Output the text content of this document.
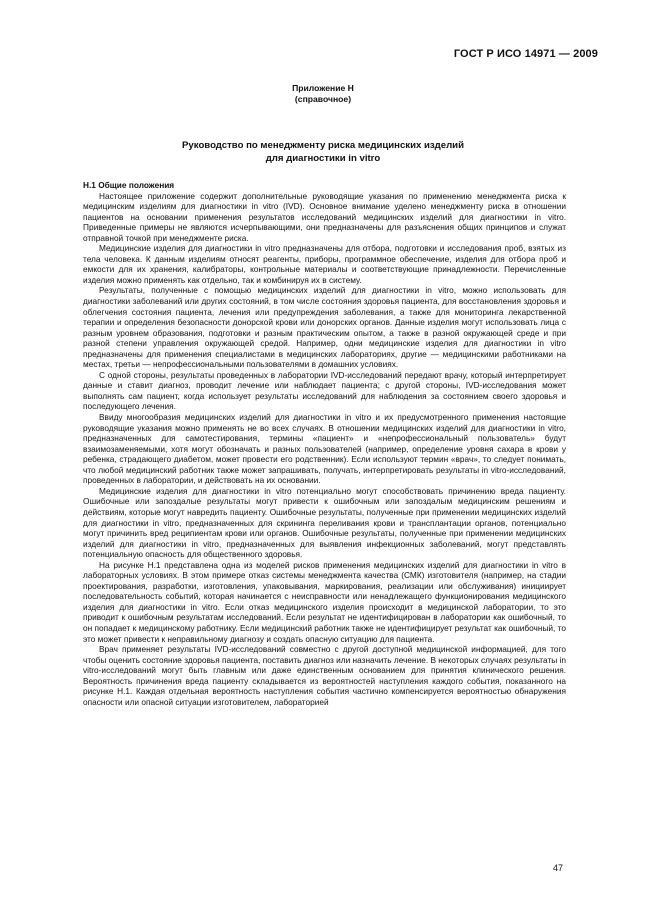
ГОСТ Р ИСО 14971 — 2009
Приложение H
(справочное)
Руководство по менеджменту риска медицинских изделий
для диагностики in vitro
H.1 Общие положения

Настоящее приложение содержит дополнительные руководящие указания по применению менеджмента риска к медицинским изделиям для диагностики in vitro (IVD). Основное внимание уделено менеджменту риска в отношении пациентов на основании применения результатов исследований медицинских изделий для диагностики in vitro. Приведенные примеры не являются исчерпывающими, они предназначены для разъяснения общих принципов и служат отправной точкой при менеджменте риска.

Медицинские изделия для диагностики in vitro предназначены для отбора, подготовки и исследования проб, взятых из тела человека. К данным изделиям относят реагенты, приборы, программное обеспечение, изделия для отбора проб и емкости для их хранения, калибраторы, контрольные материалы и соответствующие принадлежности. Перечисленные изделия можно применять как отдельно, так и комбинируя их в систему.

Результаты, полученные с помощью медицинских изделий для диагностики in vitro, можно использовать для диагностики заболеваний или других состояний, в том числе состояния здоровья пациента, для восстановления здоровья и облегчения состояния пациента, лечения или предупреждения заболевания, а также для мониторинга лекарственной терапии и определения безопасности донорской крови или донорских органов. Данные изделия могут использовать лица с разным уровнем образования, подготовки и разным практическим опытом, а также в разной окружающей среде и при разной степени управления окружающей средой. Например, одни медицинские изделия для диагностики in vitro предназначены для применения специалистами в медицинских лабораториях, другие — медицинскими работниками на местах, третьи — непрофессиональными пользователями в домашних условиях.

С одной стороны, результаты проведенных в лаборатории IVD-исследований передают врачу, который интерпретирует данные и ставит диагноз, проводит лечение или наблюдает пациента; с другой стороны, IVD-исследования может выполнять сам пациент, когда использует результаты исследований для наблюдения за состоянием своего здоровья и последующего лечения.

Ввиду многообразия медицинских изделий для диагностики in vitro и их предусмотренного применения настоящие руководящие указания можно применять не во всех случаях. В отношении медицинских изделий для диагностики in vitro, предназначенных для самотестирования, термины «пациент» и «непрофессиональный пользователь» будут взаимозаменяемыми, хотя могут обозначать и разных пользователей (например, определение уровня сахара в крови у ребенка, страдающего диабетом, может провести его родственник). Если используют термин «врач», то следует понимать, что любой медицинский работник также может запрашивать, получать, интерпретировать результаты in vitro-исследований, проведенных в лаборатории, и действовать на их основании.

Медицинские изделия для диагностики in vitro потенциально могут способствовать причинению вреда пациенту. Ошибочные или запоздалые результаты могут привести к ошибочным или запоздалым медицинским решениям и действиям, которые могут навредить пациенту. Ошибочные результаты, полученные при применении медицинских изделий для диагностики in vitro, предназначенных для скрининга переливания крови и трансплантации органов, потенциально могут причинить вред реципиентам крови или органов. Ошибочные результаты, полученные при применении медицинских изделий для диагностики in vitro, предназначенных для выявления инфекционных заболеваний, могут представлять потенциальную опасность для общественного здоровья.

На рисунке H.1 представлена одна из моделей рисков применения медицинских изделий для диагностики in vitro в лабораторных условиях. В этом примере отказ системы менеджмента качества (СМК) изготовителя (например, на стадии проектирования, разработки, изготовления, упаковывания, маркирования, реализации или обслуживания) инициирует последовательность событий, которая начинается с неисправности или ненадлежащего функционирования медицинского изделия для диагностики in vitro. Если отказ медицинского изделия происходит в медицинской лаборатории, то это приводит к ошибочным результатам исследований. Если результат не идентифицирован в лаборатории как ошибочный, то он попадает к медицинскому работнику. Если медицинский работник также не идентифицирует результат как ошибочный, то это может привести к неправильному диагнозу и создать опасную ситуацию для пациента.

Врач применяет результаты IVD-исследований совместно с другой доступной медицинской информацией, для того чтобы оценить состояние здоровья пациента, поставить диагноз или назначить лечение. В некоторых случаях результаты in vitro-исследований могут быть главным или даже единственным основанием для принятия клинического решения. Вероятность причинения вреда пациенту складывается из вероятностей наступления каждого события, показанного на рисунке H.1. Каждая отдельная вероятность наступления события частично компенсируется вероятностью обнаружения опасности или опасной ситуации изготовителем, лабораторией

47
